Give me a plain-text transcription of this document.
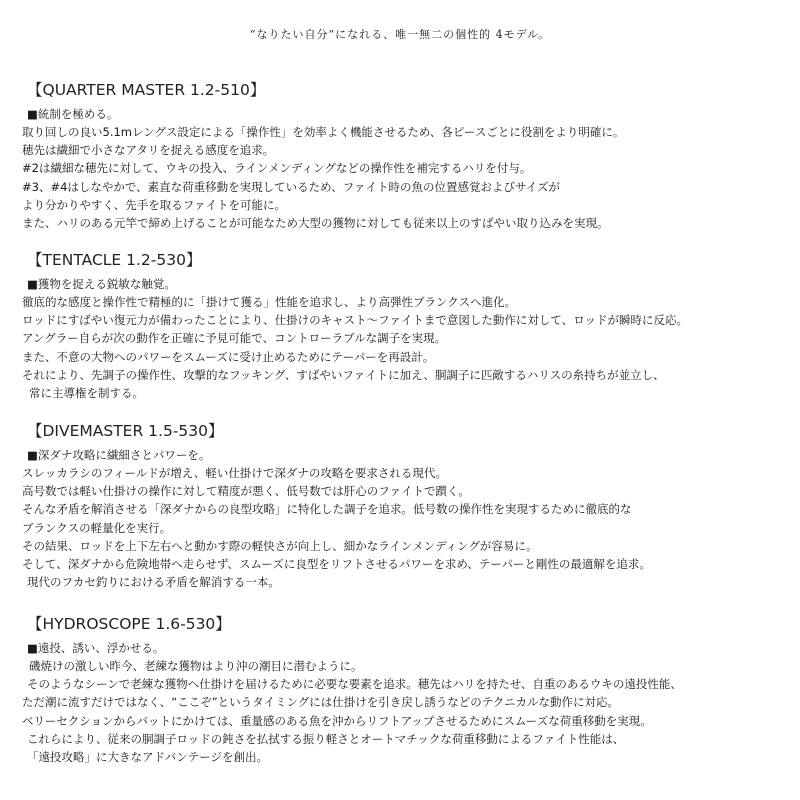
“なりたい自分”になれる、唯一無二の個性的 4モデル。
【QUARTER MASTER 1.2-510】
■統制を極める。
取り回しの良い5.1mレングス設定による「操作性」を効率よく機能させるため、各ピースごとに役割をより明確に。
穂先は繊細で小さなアタリを捉える感度を追求。
#2は繊細な穂先に対して、ウキの投入、ラインメンディングなどの操作性を補完するハリを付与。
#3、#4はしなやかで、素直な荷重移動を実現しているため、ファイト時の魚の位置感覚およびサイズが
より分かりやすく、先手を取るファイトを可能に。
また、ハリのある元竿で締め上げることが可能なため大型の獲物に対しても従来以上のすばやい取り込みを実現。
【TENTACLE 1.2-530】
■獲物を捉える鋭敏な触覚。
徹底的な感度と操作性で精極的に「掛けて獲る」性能を追求し、より高弾性ブランクスへ進化。
ロッドにすばやい復元力が備わったことにより、仕掛けのキャスト〜ファイトまで意図した動作に対して、ロッドが瞬時に反応。
アングラー自らが次の動作を正確に予見可能で、コントローラブルな調子を実現。
また、不意の大物へのパワーをスムーズに受け止めるためにテーパーを再設計。
それにより、先調子の操作性、攻撃的なフッキング、すばやいファイトに加え、胴調子に匹敵するハリスの糸持ちが並立し、
常に主導権を制する。
【DIVEMASTER 1.5-530】
■深ダナ攻略に繊細さとパワーを。
スレッカラシのフィールドが増え、軽い仕掛けで深ダナの攻略を要求される現代。
高号数では軽い仕掛けの操作に対して精度が悪く、低号数では肝心のファイトで躓く。
そんな矛盾を解消させる「深ダナからの良型攻略」に特化した調子を追求。低号数の操作性を実現するために徹底的な
ブランクスの軽量化を実行。
その結果、ロッドを上下左右へと動かす際の軽快さが向上し、細かなラインメンディングが容易に。
そして、深ダナから危険地帯へ走らせず、スムーズに良型をリフトさせるパワーを求め、テーパーと剛性の最適解を追求。
現代のフカセ釣りにおける矛盾を解消する一本。
【HYDROSCOPE 1.6-530】
■遠投、誘い、浮かせる。
磯焼けの激しい昨今、老練な獲物はより沖の潮目に潜むように。
そのようなシーンで老練な獲物へ仕掛けを届けるために必要な要素を追求。穂先はハリを持たせ、自重のあるウキの遠投性能、
ただ潮に流すだけではなく、“ここぞ”というタイミングには仕掛けを引き戻し誘うなどのテクニカルな動作に対応。
ベリーセクションからバットにかけては、重量感のある魚を沖からリフトアップさせるためにスムーズな荷重移動を実現。
これらにより、従来の胴調子ロッドの鈍さを払拭する振り軽さとオートマチックな荷重移動によるファイト性能は、
「遠投攻略」に大きなアドバンテージを創出。
